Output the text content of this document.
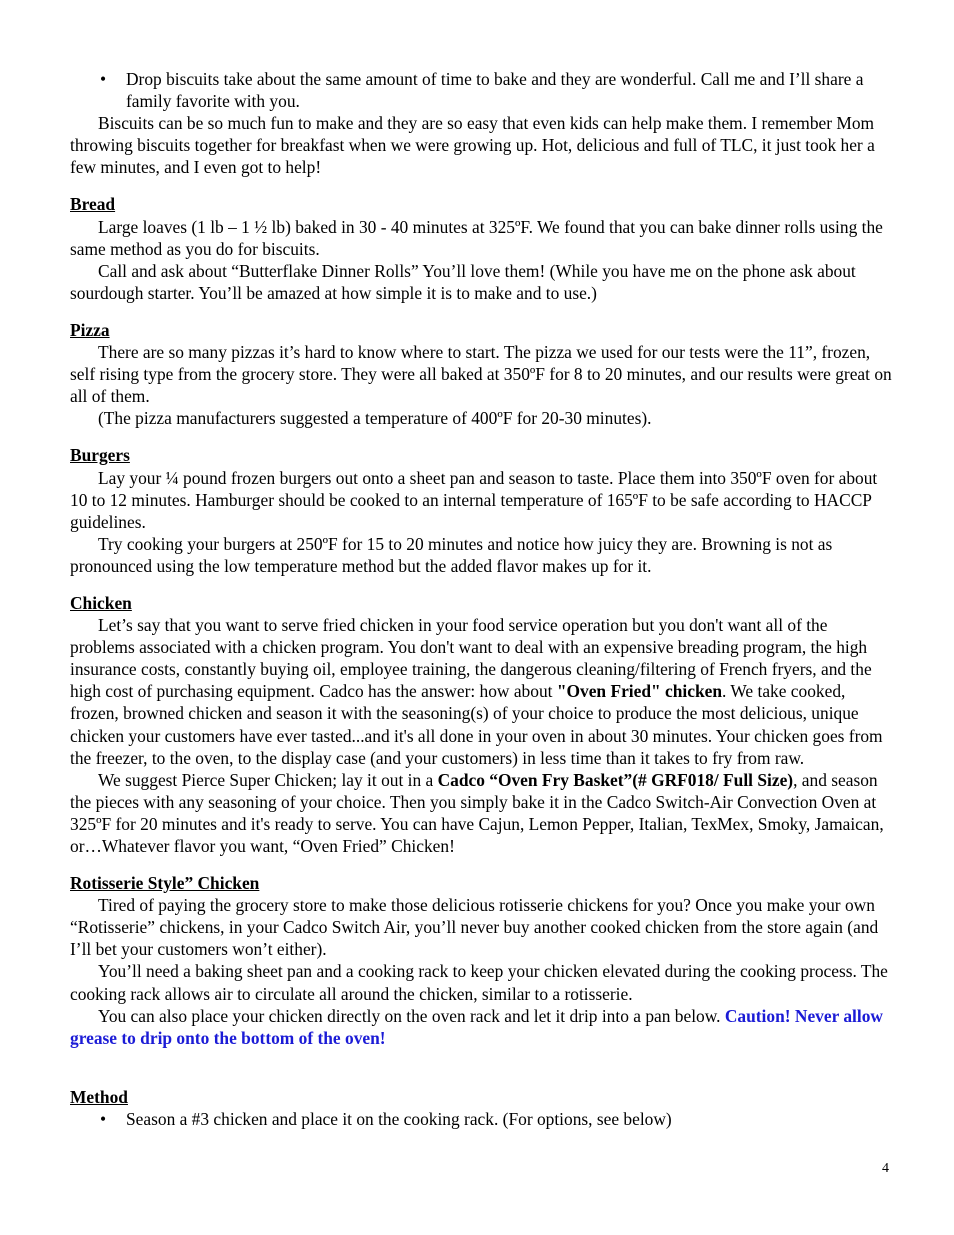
• Drop biscuits take about the same amount of time to bake and they are wonderful. Call me and I’ll share a family favorite with you.

Biscuits can be so much fun to make and they are so easy that even kids can help make them. I remember Mom throwing biscuits together for breakfast when we were growing up. Hot, delicious and full of TLC, it just took her a few minutes, and I even got to help!

Bread

Large loaves (1 lb – 1 ½ lb) baked in 30 - 40 minutes at 325ºF. We found that you can bake dinner rolls using the same method as you do for biscuits.

Call and ask about “Butterflake Dinner Rolls” You’ll love them! (While you have me on the phone ask about sourdough starter. You’ll be amazed at how simple it is to make and to use.)

Pizza

There are so many pizzas it’s hard to know where to start. The pizza we used for our tests were the 11”, frozen, self rising type from the grocery store. They were all baked at 350ºF for 8 to 20 minutes, and our results were great on all of them.

(The pizza manufacturers suggested a temperature of 400ºF for 20-30 minutes).

Burgers

Lay your ¼ pound frozen burgers out onto a sheet pan and season to taste. Place them into 350ºF oven for about 10 to 12 minutes. Hamburger should be cooked to an internal temperature of 165ºF to be safe according to HACCP guidelines.

Try cooking your burgers at 250ºF for 15 to 20 minutes and notice how juicy they are. Browning is not as pronounced using the low temperature method but the added flavor makes up for it.

Chicken

Let’s say that you want to serve fried chicken in your food service operation but you don't want all of the problems associated with a chicken program. You don't want to deal with an expensive breading program, the high insurance costs, constantly buying oil, employee training, the dangerous cleaning/filtering of French fryers, and the high cost of purchasing equipment. Cadco has the answer: how about "Oven Fried" chicken. We take cooked, frozen, browned chicken and season it with the seasoning(s) of your choice to produce the most delicious, unique chicken your customers have ever tasted...and it's all done in your oven in about 30 minutes. Your chicken goes from the freezer, to the oven, to the display case (and your customers) in less time than it takes to fry from raw.

We suggest Pierce Super Chicken; lay it out in a Cadco “Oven Fry Basket”(# GRF018/ Full Size), and season the pieces with any seasoning of your choice. Then you simply bake it in the Cadco Switch-Air Convection Oven at 325ºF for 20 minutes and it's ready to serve. You can have Cajun, Lemon Pepper, Italian, TexMex, Smoky, Jamaican, or…Whatever flavor you want, “Oven Fried” Chicken!

Rotisserie Style” Chicken

Tired of paying the grocery store to make those delicious rotisserie chickens for you? Once you make your own “Rotisserie” chickens, in your Cadco Switch Air, you’ll never buy another cooked chicken from the store again (and I’ll bet your customers won’t either).

You’ll need a baking sheet pan and a cooking rack to keep your chicken elevated during the cooking process. The cooking rack allows air to circulate all around the chicken, similar to a rotisserie.

You can also place your chicken directly on the oven rack and let it drip into a pan below. Caution! Never allow grease to drip onto the bottom of the oven!

Method
• Season a #3 chicken and place it on the cooking rack. (For options, see below)
4
